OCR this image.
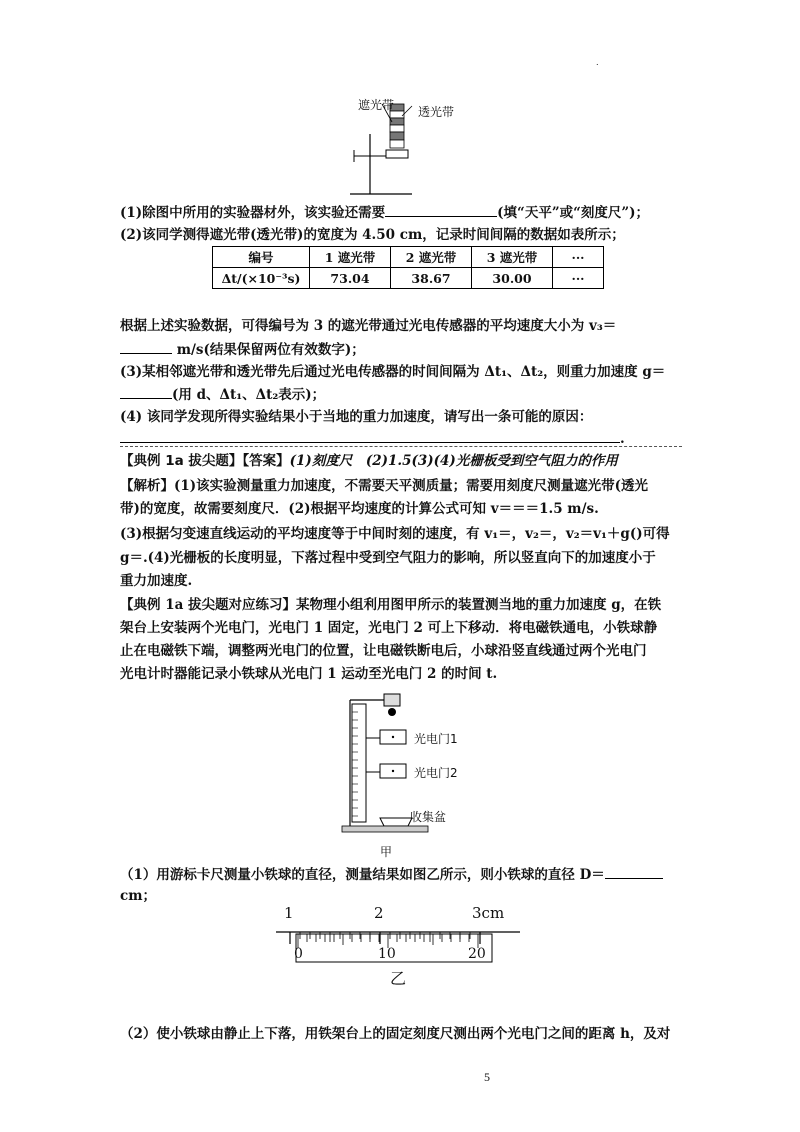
.
遮光带 透光带
(1)除图中所用的实验器材外，该实验还需要	(填“天平”或“刻度尺”)；
(2)该同学测得遮光带(透光带)的宽度为 4.50 cm，记录时间间隔的数据如表所示；
编号	1 遮光带	2 遮光带	3 遮光带	···
Δt/(×10⁻³s)	73.04	38.67	30.00	···
根据上述实验数据，可得编号为 3 的遮光带通过光电传感器的平均速度大小为 v₃＝
m/s(结果保留两位有效数字)；
(3)某相邻遮光带和透光带先后通过光电传感器的时间间隔为 Δt₁、Δt₂，则重力加速度 g＝
(用 d、Δt₁、Δt₂表示)；
(4) 该同学发现所得实验结果小于当地的重力加速度，请写出一条可能的原因：
.
【典例 1a 拔尖题】【答案】(1)刻度尺　(2)1.5(3)(4)光栅板受到空气阻力的作用
【解析】(1)该实验测量重力加速度，不需要天平测质量；需要用刻度尺测量遮光带(透光
带)的宽度，故需要刻度尺．(2)根据平均速度的计算公式可知 v＝＝＝1.5 m/s.
(3)根据匀变速直线运动的平均速度等于中间时刻的速度，有 v₁＝，v₂＝，v₂＝v₁＋g()可得
g＝.(4)光栅板的长度明显，下落过程中受到空气阻力的影响，所以竖直向下的加速度小于
重力加速度.
【典例 1a 拔尖题对应练习】某物理小组利用图甲所示的装置测当地的重力加速度 g，在铁
架台上安装两个光电门，光电门 1 固定，光电门 2 可上下移动．将电磁铁通电，小铁球静
止在电磁铁下端，调整两光电门的位置，让电磁铁断电后，小球沿竖直线通过两个光电门
光电计时器能记录小铁球从光电门 1 运动至光电门 2 的时间 t.
光电门1
光电门2
收集盆
甲
（1）用游标卡尺测量小铁球的直径，测量结果如图乙所示，则小铁球的直径 D＝
cm；
1	2	3cm
0	10	20
乙
（2）使小铁球由静止上下落，用铁架台上的固定刻度尺测出两个光电门之间的距离 h，及对
5
